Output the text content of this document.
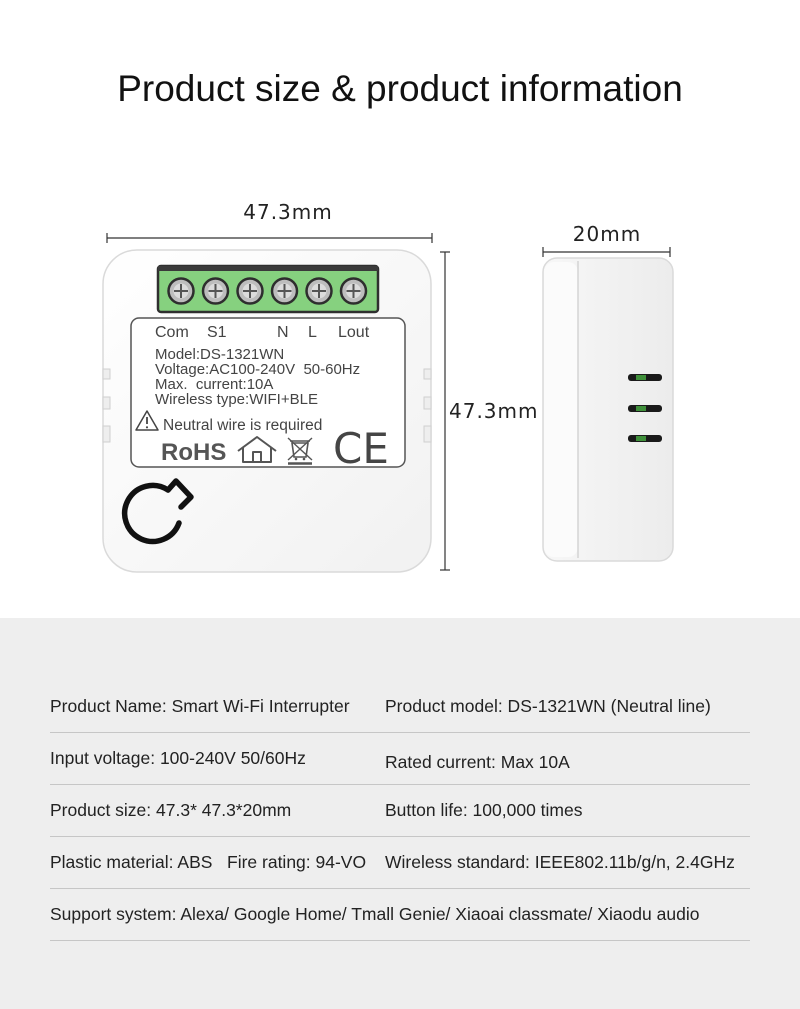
Product size & product information
47.3mm
47.3mm
20mm
Com S1	N L Lout
Model:DS-1321WN
Voltage:AC100-240V  50-60Hz
Max.  current:10A
Wireless type:WIFI+BLE
Neutral wire is required
RoHS	CE
Product Name: Smart Wi-Fi Interrupter	Product model: DS-1321WN (Neutral line)
Input voltage: 100-240V 50/60Hz	Rated current: Max 10A
Product size: 47.3* 47.3*20mm	Button life: 100,000 times
Plastic material: ABS   Fire rating: 94-VO	Wireless standard: IEEE802.11b/g/n, 2.4GHz
Support system: Alexa/ Google Home/ Tmall Genie/ Xiaoai classmate/ Xiaodu audio
